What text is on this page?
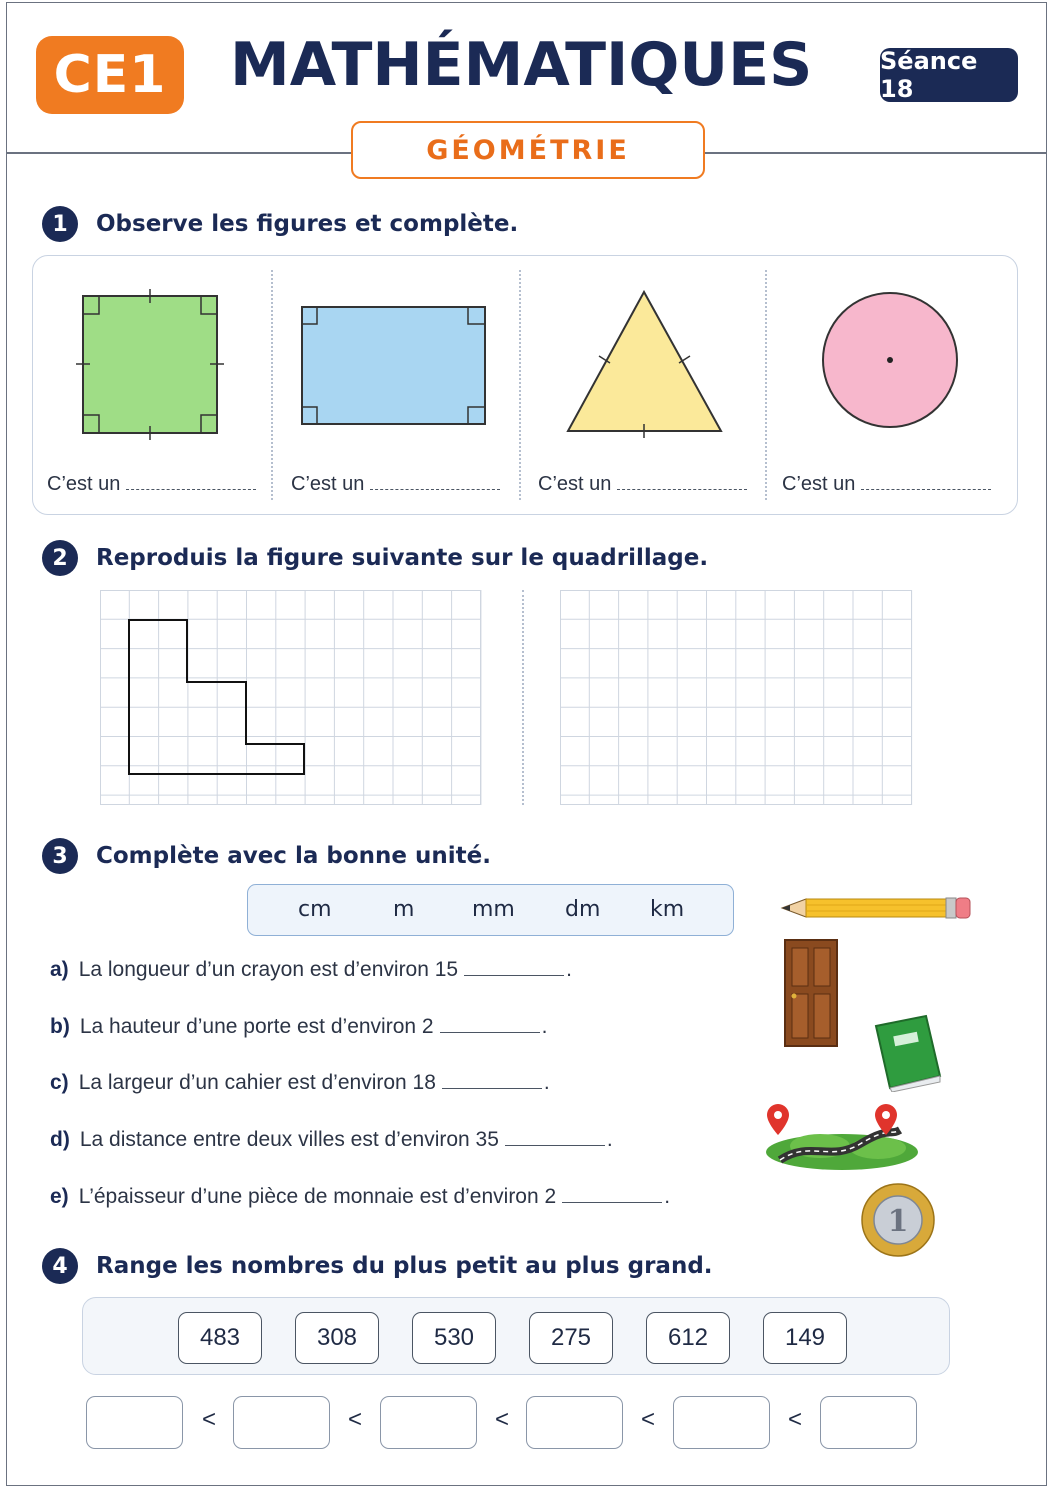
CE1 MATHÉMATIQUES	Séance 18
GÉOMÉTRIE
1	Observe les figures et complète.
C’est un	C’est un	C’est un	C’est un
2	Reproduis la figure suivante sur le quadrillage.
3	Complète avec la bonne unité.
cm	m	mm dm km
a) La longueur d’un crayon est d’environ 15	.
b) La hauteur d’une porte est d’environ 2	.
c) La largeur d’un cahier est d’environ 18	.
d) La distance entre deux villes est d’environ 35	.
e) L’épaisseur d’une pièce de monnaie est d’environ 2	.
1
4	Range les nombres du plus petit au plus grand.
483	308	530	275	612	149
<	<	<	<	<
